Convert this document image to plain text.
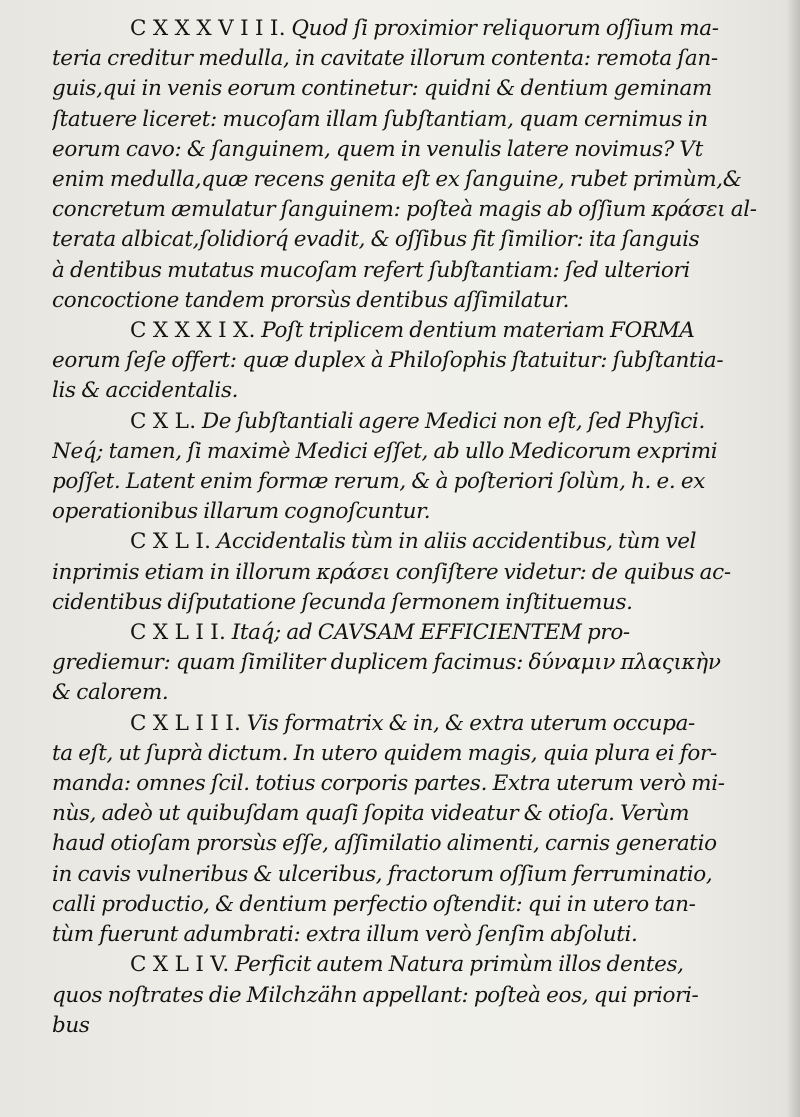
C X X X V I I I. Quod ſi proximior reliquorum oſſium ma-
teria creditur medulla, in cavitate illorum contenta: remota ſan-
guis,qui in venis eorum continetur: quidni & dentium geminam
ſtatuere liceret: mucoſam illam ſubſtantiam, quam cernimus in
eorum cavo: & ſanguinem, quem in venulis latere novimus? Vt
enim medulla,quæ recens genita eſt ex ſanguine, rubet primùm,&
concretum æmulatur ſanguinem: poſteà magis ab oſſium κράσει al-
terata albicat,ſolidiorq́ evadit, & oſſibus fit ſimilior: ita ſanguis
à dentibus mutatus mucoſam refert ſubſtantiam: ſed ulteriori
concoctione tandem prorsùs dentibus aſſimilatur.
C X X X I X. Poſt triplicem dentium materiam FORMA
eorum ſeſe offert: quæ duplex à Philoſophis ſtatuitur: ſubſtantia-
lis & accidentalis.
C X L. De ſubſtantiali agere Medici non eſt, ſed Phyſici.
Neq́; tamen, ſi maximè Medici eſſet, ab ullo Medicorum exprimi
poſſet. Latent enim formæ rerum, & à poſteriori ſolùm, h. e. ex
operationibus illarum cognoſcuntur.
C X L I. Accidentalis tùm in aliis accidentibus, tùm vel
inprimis etiam in illorum κράσει conſiſtere videtur: de quibus ac-
cidentibus diſputatione ſecunda ſermonem inſtituemus.
C X L I I. Itaq́; ad CAVSAM EFFICIENTEM pro-
grediemur: quam ſimiliter duplicem facimus: δύναμιν πλαςικὴν
& calorem.
C X L I I I. Vis formatrix & in, & extra uterum occupa-
ta eſt, ut ſuprà dictum. In utero quidem magis, quia plura ei for-
manda: omnes ſcil. totius corporis partes. Extra uterum verò mi-
nùs, adeò ut quibuſdam quaſi ſopita videatur & otioſa. Verùm
haud otioſam prorsùs eſſe, aſſimilatio alimenti, carnis generatio
in cavis vulneribus & ulceribus, fractorum oſſium ferruminatio,
calli productio, & dentium perfectio oſtendit: qui in utero tan-
tùm fuerunt adumbrati: extra illum verò ſenſim abſoluti.
C X L I V. Perficit autem Natura primùm illos dentes,
quos noſtrates die Milchzähn appellant: poſteà eos, qui priori-
bus
